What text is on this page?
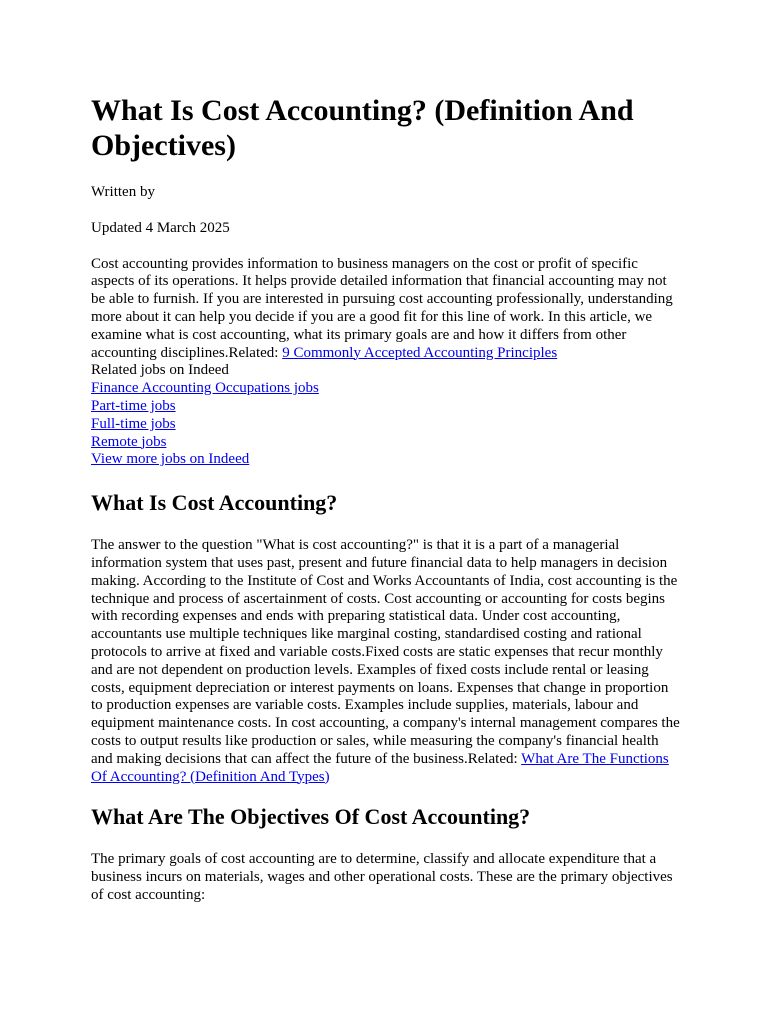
What Is Cost Accounting? (Definition And Objectives)

Written by

Updated 4 March 2025

Cost accounting provides information to business managers on the cost or profit of specific aspects of its operations. It helps provide detailed information that financial accounting may not be able to furnish. If you are interested in pursuing cost accounting professionally, understanding more about it can help you decide if you are a good fit for this line of work. In this article, we examine what is cost accounting, what its primary goals are and how it differs from other accounting disciplines.Related: 9 Commonly Accepted Accounting Principles

Related jobs on Indeed
Finance Accounting Occupations jobs
Part-time jobs
Full-time jobs
Remote jobs
View more jobs on Indeed
What Is Cost Accounting?

The answer to the question "What is cost accounting?" is that it is a part of a managerial information system that uses past, present and future financial data to help managers in decision making. According to the Institute of Cost and Works Accountants of India, cost accounting is the technique and process of ascertainment of costs. Cost accounting or accounting for costs begins with recording expenses and ends with preparing statistical data. Under cost accounting, accountants use multiple techniques like marginal costing, standardised costing and rational protocols to arrive at fixed and variable costs.Fixed costs are static expenses that recur monthly and are not dependent on production levels. Examples of fixed costs include rental or leasing costs, equipment depreciation or interest payments on loans. Expenses that change in proportion to production expenses are variable costs. Examples include supplies, materials, labour and equipment maintenance costs. In cost accounting, a company's internal management compares the costs to output results like production or sales, while measuring the company's financial health and making decisions that can affect the future of the business.Related: What Are The Functions Of Accounting? (Definition And Types)

What Are The Objectives Of Cost Accounting?

The primary goals of cost accounting are to determine, classify and allocate expenditure that a business incurs on materials, wages and other operational costs. These are the primary objectives of cost accounting:
